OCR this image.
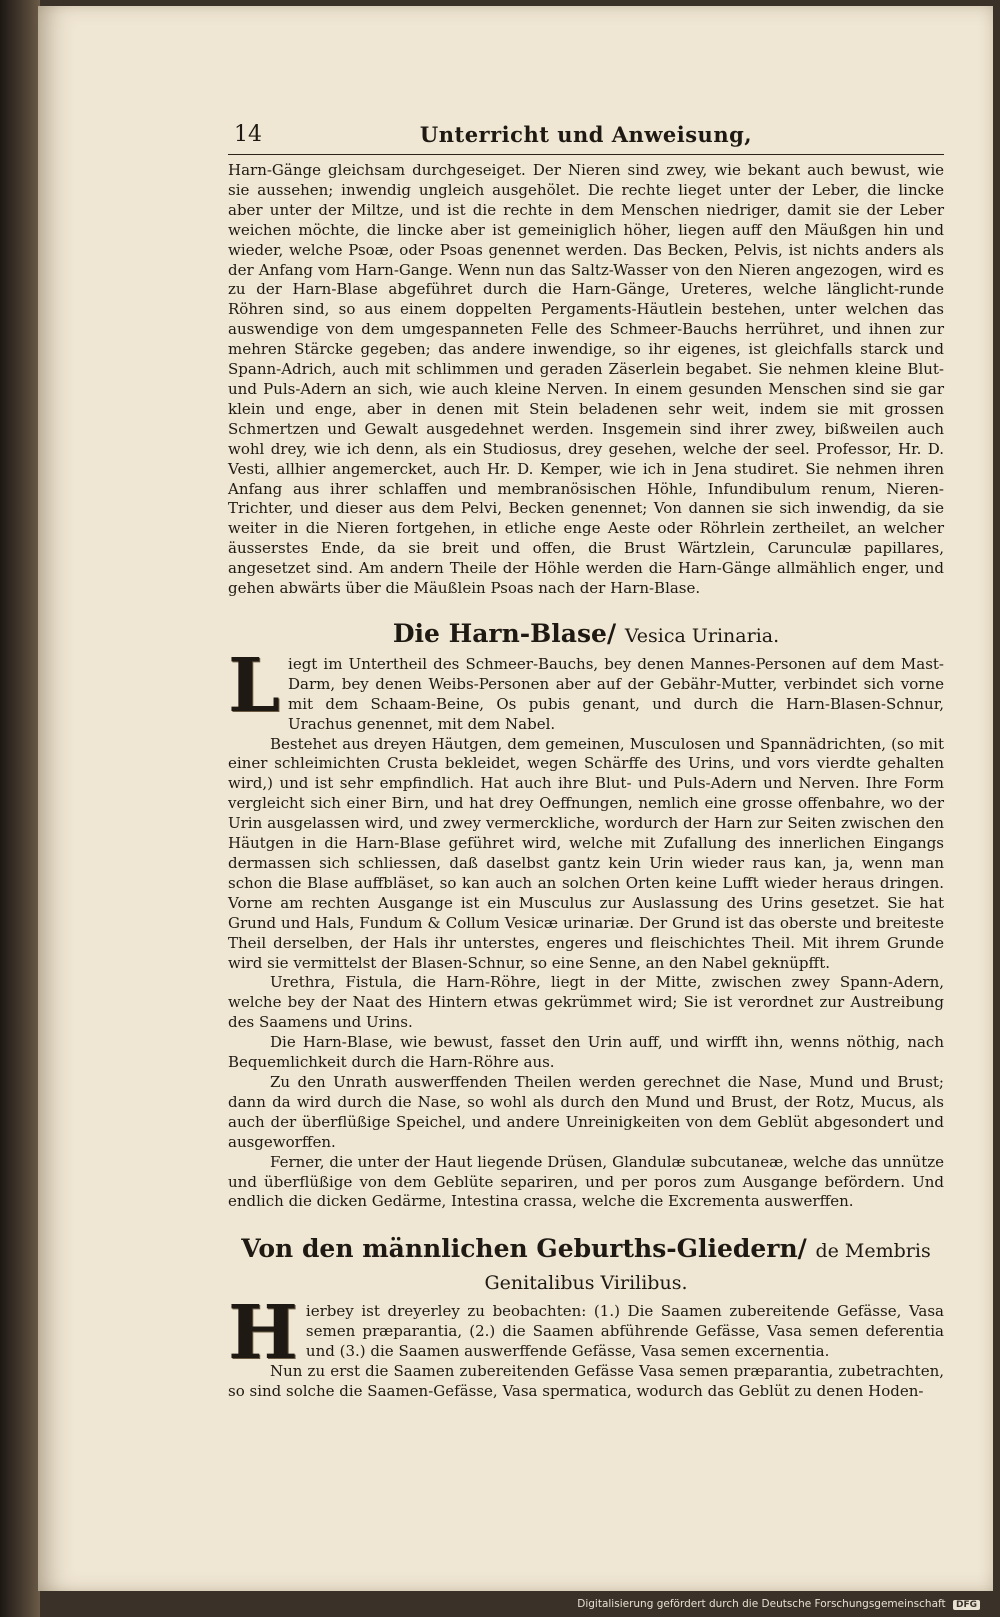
14	Unterricht und Anweisung,

Harn-Gänge gleichsam durchgeseiget. Der Nieren sind zwey, wie bekant auch bewust, wie sie aussehen; inwendig ungleich ausgehölet. Die rechte lieget unter der Leber, die lincke aber unter der Miltze, und ist die rechte in dem Menschen niedriger, damit sie der Leber weichen möchte, die lincke aber ist gemeiniglich höher, liegen auff den Mäußgen hin und wieder, welche Psoæ, oder Psoas genennet werden. Das Becken, Pelvis, ist nichts anders als der Anfang vom Harn-Gange. Wenn nun das Saltz-Wasser von den Nieren angezogen, wird es zu der Harn-Blase abgeführet durch die Harn-Gänge, Ureteres, welche länglicht-runde Röhren sind, so aus einem doppelten Pergaments-Häutlein bestehen, unter welchen das auswendige von dem umgespanneten Felle des Schmeer-Bauchs herrühret, und ihnen zur mehren Stärcke gegeben; das andere inwendige, so ihr eigenes, ist gleichfalls starck und Spann-Adrich, auch mit schlimmen und geraden Zäserlein begabet. Sie nehmen kleine Blut- und Puls-Adern an sich, wie auch kleine Nerven. In einem gesunden Menschen sind sie gar klein und enge, aber in denen mit Stein beladenen sehr weit, indem sie mit grossen Schmertzen und Gewalt ausgedehnet werden. Insgemein sind ihrer zwey, bißweilen auch wohl drey, wie ich denn, als ein Studiosus, drey gesehen, welche der seel. Professor, Hr. D. Vesti, allhier angemercket, auch Hr. D. Kemper, wie ich in Jena studiret. Sie nehmen ihren Anfang aus ihrer schlaffen und membranösischen Höhle, Infundibulum renum, Nieren-Trichter, und dieser aus dem Pelvi, Becken genennet; Von dannen sie sich inwendig, da sie weiter in die Nieren fortgehen, in etliche enge Aeste oder Röhrlein zertheilet, an welcher äusserstes Ende, da sie breit und offen, die Brust Wärtzlein, Carunculæ papillares, angesetzet sind. Am andern Theile der Höhle werden die Harn-Gänge allmählich enger, und gehen abwärts über die Mäußlein Psoas nach der Harn-Blase.

Die Harn-Blase/ Vesica Urinaria.

L iegt im Untertheil des Schmeer-Bauchs, bey denen Mannes-Personen auf dem Mast-Darm, bey denen Weibs-Personen aber auf der Gebähr-Mutter, verbindet sich vorne mit dem Schaam-Beine, Os pubis genant, und durch die Harn-Blasen-Schnur, Urachus genennet, mit dem Nabel.

Bestehet aus dreyen Häutgen, dem gemeinen, Musculosen und Spannädrichten, (so mit einer schleimichten Crusta bekleidet, wegen Schärffe des Urins, und vors vierdte gehalten wird,) und ist sehr empfindlich. Hat auch ihre Blut- und Puls-Adern und Nerven. Ihre Form vergleicht sich einer Birn, und hat drey Oeffnungen, nemlich eine grosse offenbahre, wo der Urin ausgelassen wird, und zwey vermerckliche, wordurch der Harn zur Seiten zwischen den Häutgen in die Harn-Blase geführet wird, welche mit Zufallung des innerlichen Eingangs dermassen sich schliessen, daß daselbst gantz kein Urin wieder raus kan, ja, wenn man schon die Blase auffbläset, so kan auch an solchen Orten keine Lufft wieder heraus dringen. Vorne am rechten Ausgange ist ein Musculus zur Auslassung des Urins gesetzet. Sie hat Grund und Hals, Fundum & Collum Vesicæ urinariæ. Der Grund ist das oberste und breiteste Theil derselben, der Hals ihr unterstes, engeres und fleischichtes Theil. Mit ihrem Grunde wird sie vermittelst der Blasen-Schnur, so eine Senne, an den Nabel geknüpfft.

Urethra, Fistula, die Harn-Röhre, liegt in der Mitte, zwischen zwey Spann-Adern, welche bey der Naat des Hintern etwas gekrümmet wird; Sie ist verordnet zur Austreibung des Saamens und Urins.

Die Harn-Blase, wie bewust, fasset den Urin auff, und wirfft ihn, wenns nöthig, nach Bequemlichkeit durch die Harn-Röhre aus.

Zu den Unrath auswerffenden Theilen werden gerechnet die Nase, Mund und Brust; dann da wird durch die Nase, so wohl als durch den Mund und Brust, der Rotz, Mucus, als auch der überflüßige Speichel, und andere Unreinigkeiten von dem Geblüt abgesondert und ausgeworffen.

Ferner, die unter der Haut liegende Drüsen, Glandulæ subcutaneæ, welche das unnütze und überflüßige von dem Geblüte separiren, und per poros zum Ausgange befördern. Und endlich die dicken Gedärme, Intestina crassa, welche die Excrementa auswerffen.

Von den männlichen Geburths-Gliedern/ de Membris Genitalibus Virilibus.

H ierbey ist dreyerley zu beobachten: (1.) Die Saamen zubereitende Gefässe, Vasa semen præparantia, (2.) die Saamen abführende Gefässe, Vasa semen deferentia und (3.) die Saamen auswerffende Gefässe, Vasa semen excernentia.

Nun zu erst die Saamen zubereitenden Gefässe Vasa semen præparantia, zubetrachten, so sind solche die Saamen-Gefässe, Vasa spermatica, wodurch das Geblüt zu denen Hoden-

Digitalisierung gefördert durch die Deutsche Forschungsgemeinschaft DFG
